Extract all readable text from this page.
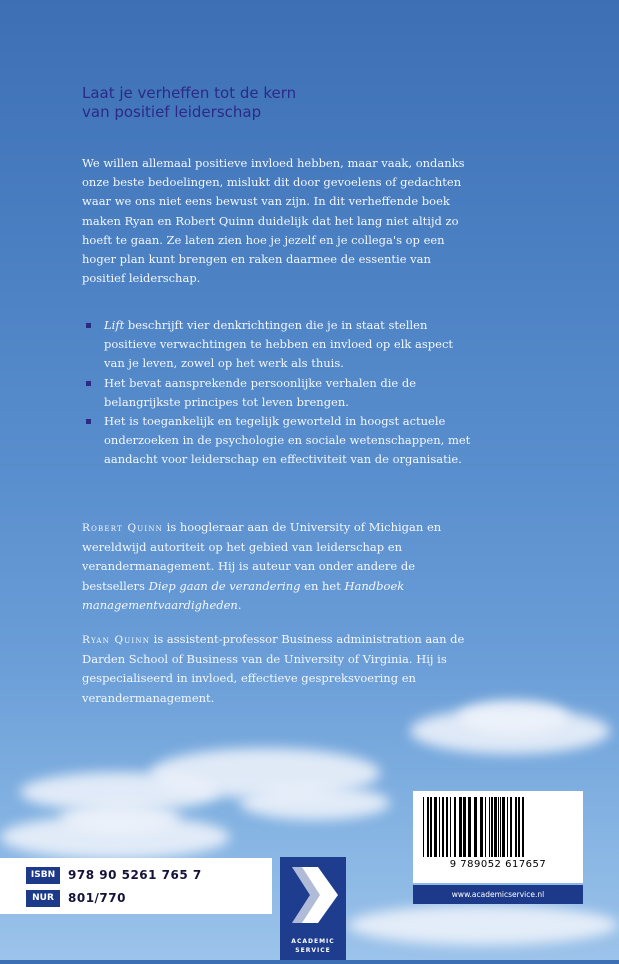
Laat je verheffen tot de kern
van positief leiderschap

We willen allemaal positieve invloed hebben, maar vaak, ondanks onze beste bedoelingen, mislukt dit door gevoelens of gedachten waar we ons niet eens bewust van zijn. In dit verheffende boek maken Ryan en Robert Quinn duidelijk dat het lang niet altijd zo hoeft te gaan. Ze laten zien hoe je jezelf en je collega's op een hoger plan kunt brengen en raken daarmee de essentie van positief leiderschap.

Lift beschrijft vier denkrichtingen die je in staat stellen positieve verwachtingen te hebben en invloed op elk aspect van je leven, zowel op het werk als thuis.
Het bevat aansprekende persoonlijke verhalen die de belangrijkste principes tot leven brengen.
Het is toegankelijk en tegelijk geworteld in hoogst actuele onderzoeken in de psychologie en sociale wetenschappen, met aandacht voor leiderschap en effectiviteit van de organisatie.

Robert Quinn is hoogleraar aan de University of Michigan en wereldwijd autoriteit op het gebied van leiderschap en verandermanagement. Hij is auteur van onder andere de bestsellers Diep gaan de verandering en het Handboek managementvaardigheden.

Ryan Quinn is assistent-professor Business administration aan de Darden School of Business van de University of Virginia. Hij is gespecialiseerd in invloed, effectieve gespreksvoering en verandermanagement.

ISBN	978 90 5261 765 7
NUR	801/770
ACADEMIC
SERVICE
9 789052 617657
www.academicservice.nl
